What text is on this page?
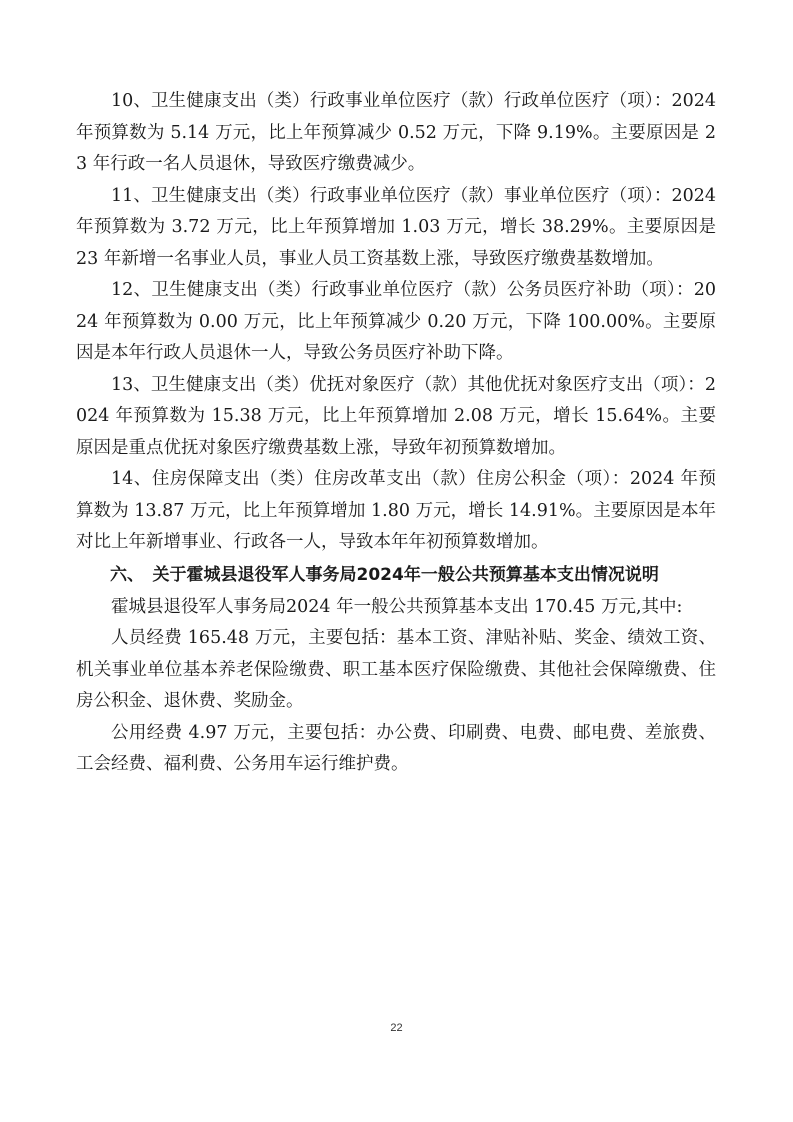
10、卫生健康支出（类）行政事业单位医疗（款）行政单位医疗（项）：2024 年预算数为 5.14 万元，比上年预算减少 0.52 万元，下降 9.19%。主要原因是 23 年行政一名人员退休，导致医疗缴费减少。

11、卫生健康支出（类）行政事业单位医疗（款）事业单位医疗（项）：2024 年预算数为 3.72 万元，比上年预算增加 1.03 万元，增长 38.29%。主要原因是 23 年新增一名事业人员，事业人员工资基数上涨，导致医疗缴费基数增加。

12、卫生健康支出（类）行政事业单位医疗（款）公务员医疗补助（项）：2024 年预算数为 0.00 万元，比上年预算减少 0.20 万元，下降 100.00%。主要原因是本年行政人员退休一人，导致公务员医疗补助下降。

13、卫生健康支出（类）优抚对象医疗（款）其他优抚对象医疗支出（项）：2024 年预算数为 15.38 万元，比上年预算增加 2.08 万元，增长 15.64%。主要原因是重点优抚对象医疗缴费基数上涨，导致年初预算数增加。

14、住房保障支出（类）住房改革支出（款）住房公积金（项）：2024 年预算数为 13.87 万元，比上年预算增加 1.80 万元，增长 14.91%。主要原因是本年对比上年新增事业、行政各一人，导致本年年初预算数增加。

六、　关于霍城县退役军人事务局2024年一般公共预算基本支出情况说明

霍城县退役军人事务局2024 年一般公共预算基本支出 170.45 万元,其中:

人员经费 165.48 万元，主要包括：基本工资、津贴补贴、奖金、绩效工资、机关事业单位基本养老保险缴费、职工基本医疗保险缴费、其他社会保障缴费、住房公积金、退休费、奖励金。

公用经费 4.97 万元，主要包括：办公费、印刷费、电费、邮电费、差旅费、工会经费、福利费、公务用车运行维护费。

22
